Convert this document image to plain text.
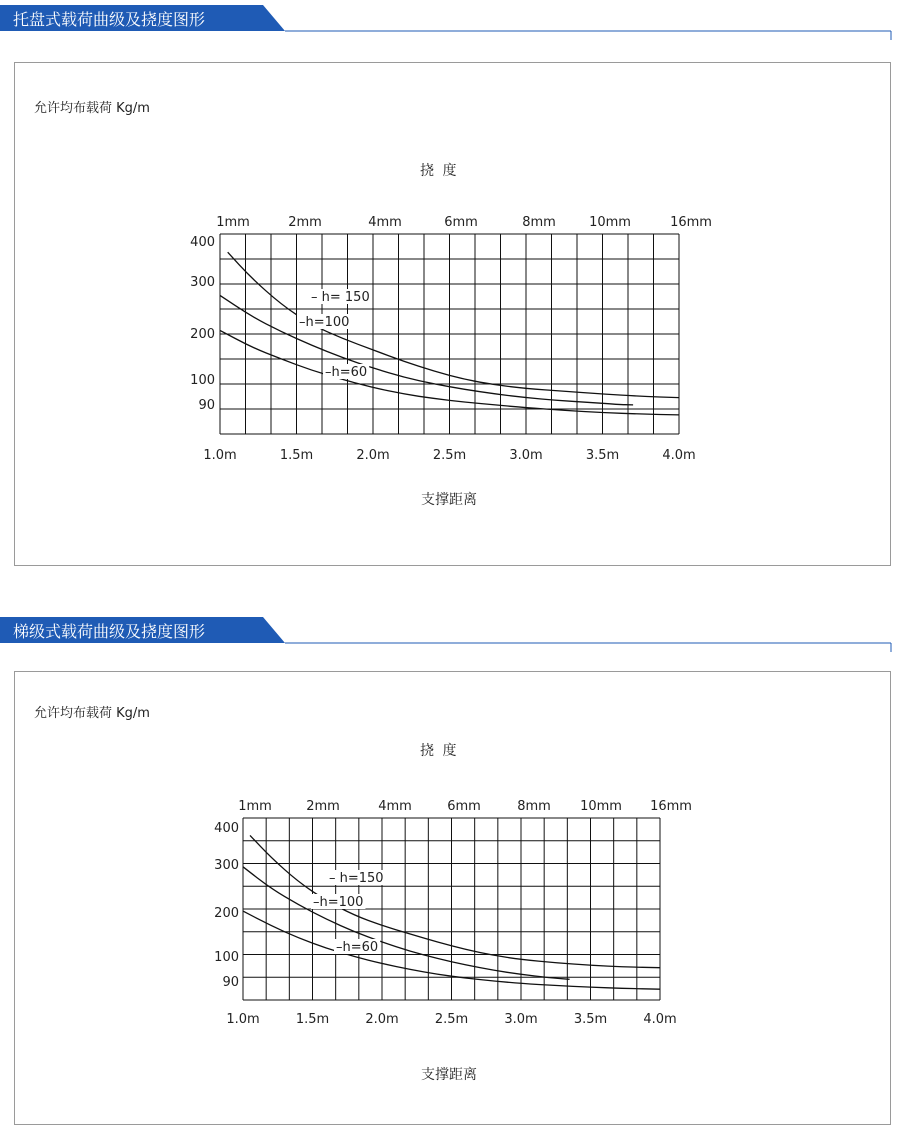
托盘式载荷曲级及挠度图形
允许均布载荷 Kg/m
挠 度
支撑距离
1.0m	1.5m	2.0m	2.5m	3.0m	3.5m	4.0m
1mm	2mm	4mm	6mm	8mm	10mm	16mm
400
300
200
100
90
– h= 150
–h=100
–h=60
梯级式载荷曲级及挠度图形
允许均布载荷 Kg/m
挠 度
支撑距离
1.0m	1.5m	2.0m	2.5m	3.0m	3.5m	4.0m
1mm	2mm	4mm	6mm	8mm 10mm 16mm
400
300
200
100
90
– h=150
–h=100
–h=60
